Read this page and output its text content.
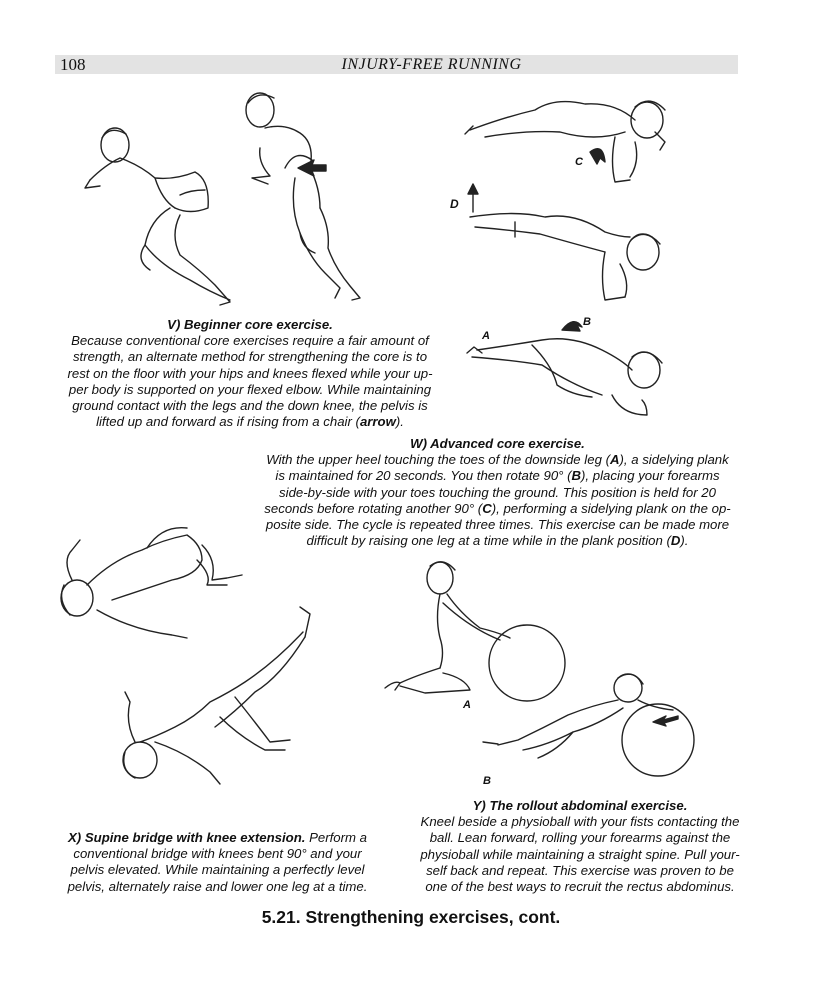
108	INJURY-FREE RUNNING
V) Beginner core exercise.
Because conventional core exercises require a fair amount of
strength, an alternate method for strengthening the core is to
rest on the floor with your hips and knees flexed while your up-
per body is supported on your flexed elbow. While maintaining
ground contact with the legs and the down knee, the pelvis is
lifted up and forward as if rising from a chair (arrow).
C
D
A
B
W) Advanced core exercise.
With the upper heel touching the toes of the downside leg (A), a sidelying plank
is maintained for 20 seconds. You then rotate 90° (B), placing your forearms
side-by-side with your toes touching the ground. This position is held for 20
seconds before rotating another 90° (C), performing a sidelying plank on the op-
posite side. The cycle is repeated three times. This exercise can be made more
difficult by raising one leg at a time while in the plank position (D).
X) Supine bridge with knee extension. Perform a
conventional bridge with knees bent 90° and your
pelvis elevated. While maintaining a perfectly level
pelvis, alternately raise and lower one leg at a time.
A
B
Y) The rollout abdominal exercise.
Kneel beside a physioball with your fists contacting the
ball. Lean forward, rolling your forearms against the
physioball while maintaining a straight spine. Pull your-
self back and repeat. This exercise was proven to be
one of the best ways to recruit the rectus abdominus.
5.21. Strengthening exercises, cont.
